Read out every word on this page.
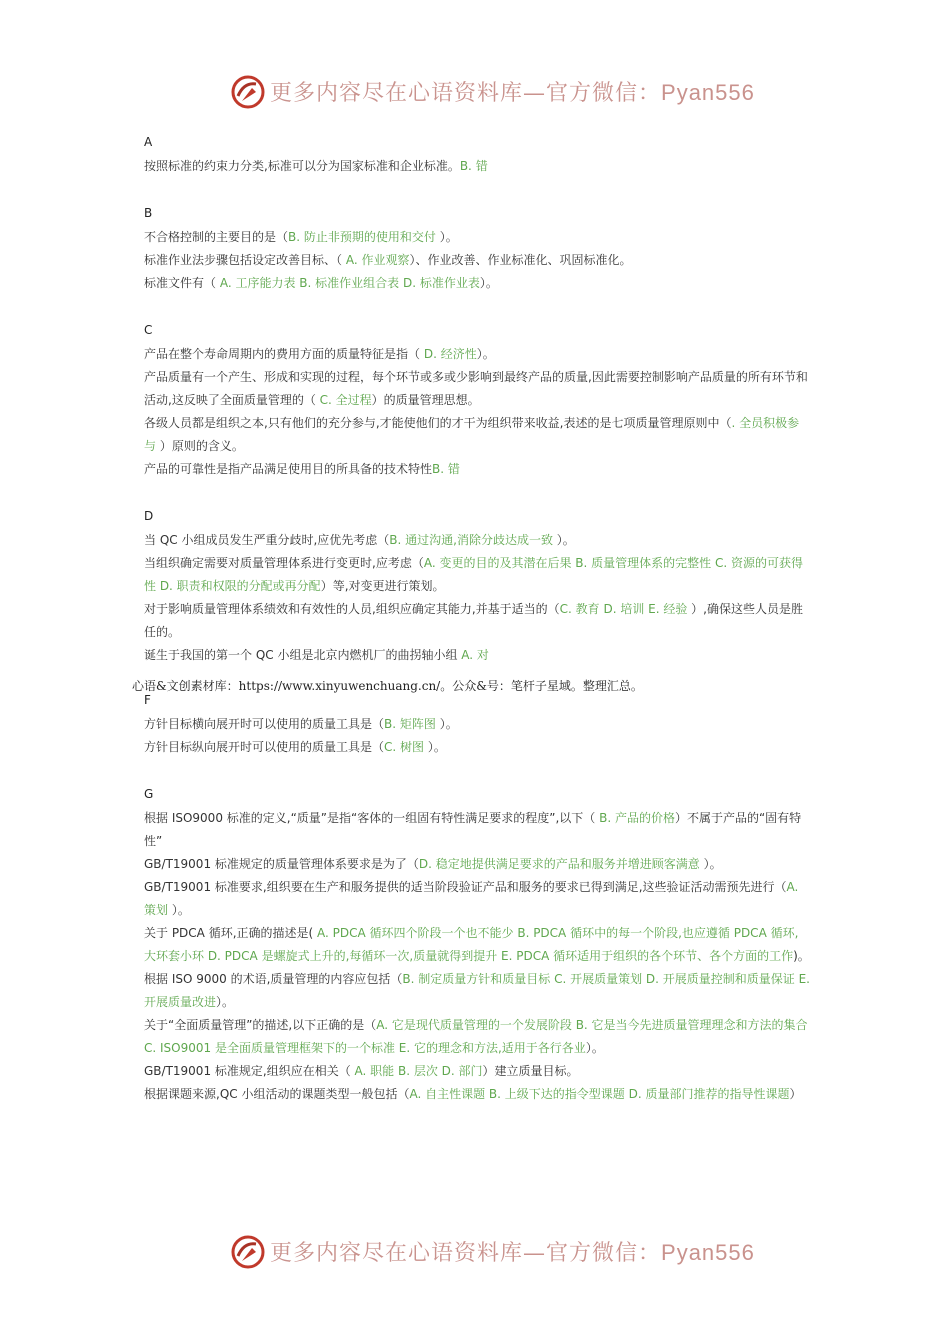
更多内容尽在心语资料库—官方微信：Pyan556
A

按照标准的约束力分类,标准可以分为国家标准和企业标准。B. 错

B

不合格控制的主要目的是（B. 防止非预期的使用和交付 ）。

标准作业法步骤包括设定改善目标、（ A. 作业观察）、作业改善、作业标准化、巩固标准化。

标准文件有（ A. 工序能力表 B. 标准作业组合表 D. 标准作业表）。

C

产品在整个寿命周期内的费用方面的质量特征是指（ D. 经济性）。

产品质量有一个产生、形成和实现的过程，每个环节或多或少影响到最终产品的质量,因此需要控制影响产品质量的所有环节和活动,这反映了全面质量管理的（ C. 全过程）的质量管理思想。

各级人员都是组织之本,只有他们的充分参与,才能使他们的才干为组织带来收益,表述的是七项质量管理原则中（. 全员积极参与 ）原则的含义。

产品的可靠性是指产品满足使用目的所具备的技术特性B. 错

D

当 QC 小组成员发生严重分歧时,应优先考虑（B. 通过沟通,消除分歧达成一致 ）。

当组织确定需要对质量管理体系进行变更时,应考虑（A. 变更的目的及其潜在后果 B. 质量管理体系的完整性 C. 资源的可获得性 D. 职责和权限的分配或再分配）等,对变更进行策划。

对于影响质量管理体系绩效和有效性的人员,组织应确定其能力,并基于适当的（C. 教育 D. 培训 E. 经验 ）,确保这些人员是胜任的。

诞生于我国的第一个 QC 小组是北京内燃机厂的曲拐轴小组 A. 对

F

方针目标横向展开时可以使用的质量工具是（B. 矩阵图 ）。

方针目标纵向展开时可以使用的质量工具是（C. 树图 ）。

G

根据 ISO9000 标准的定义,“质量”是指“客体的一组固有特性满足要求的程度”,以下（ B. 产品的价格）不属于产品的“固有特性”

GB/T19001 标准规定的质量管理体系要求是为了（D. 稳定地提供满足要求的产品和服务并增进顾客满意 ）。

GB/T19001 标准要求,组织要在生产和服务提供的适当阶段验证产品和服务的要求已得到满足,这些验证活动需预先进行（A. 策划 ）。

关于 PDCA 循环,正确的描述是( A. PDCA 循环四个阶段一个也不能少 B. PDCA 循环中的每一个阶段,也应遵循 PDCA 循环,大环套小环 D. PDCA 是螺旋式上升的,每循环一次,质量就得到提升 E. PDCA 循环适用于组织的各个环节、各个方面的工作)。

根据 ISO 9000 的术语,质量管理的内容应包括（B. 制定质量方针和质量目标 C. 开展质量策划 D. 开展质量控制和质量保证 E. 开展质量改进）。

关于“全面质量管理”的描述,以下正确的是（A. 它是现代质量管理的一个发展阶段 B. 它是当今先进质量管理理念和方法的集合 C. ISO9001 是全面质量管理框架下的一个标准 E. 它的理念和方法,适用于各行各业）。

GB/T19001 标准规定,组织应在相关（ A. 职能 B. 层次 D. 部门）建立质量目标。

根据课题来源,QC 小组活动的课题类型一般包括（A. 自主性课题 B. 上级下达的指令型课题 D. 质量部门推荐的指导性课题）

心语&文创素材库：https://www.xinyuwenchuang.cn/。公众&号：笔杆子星域。整理汇总。
更多内容尽在心语资料库—官方微信：Pyan556
